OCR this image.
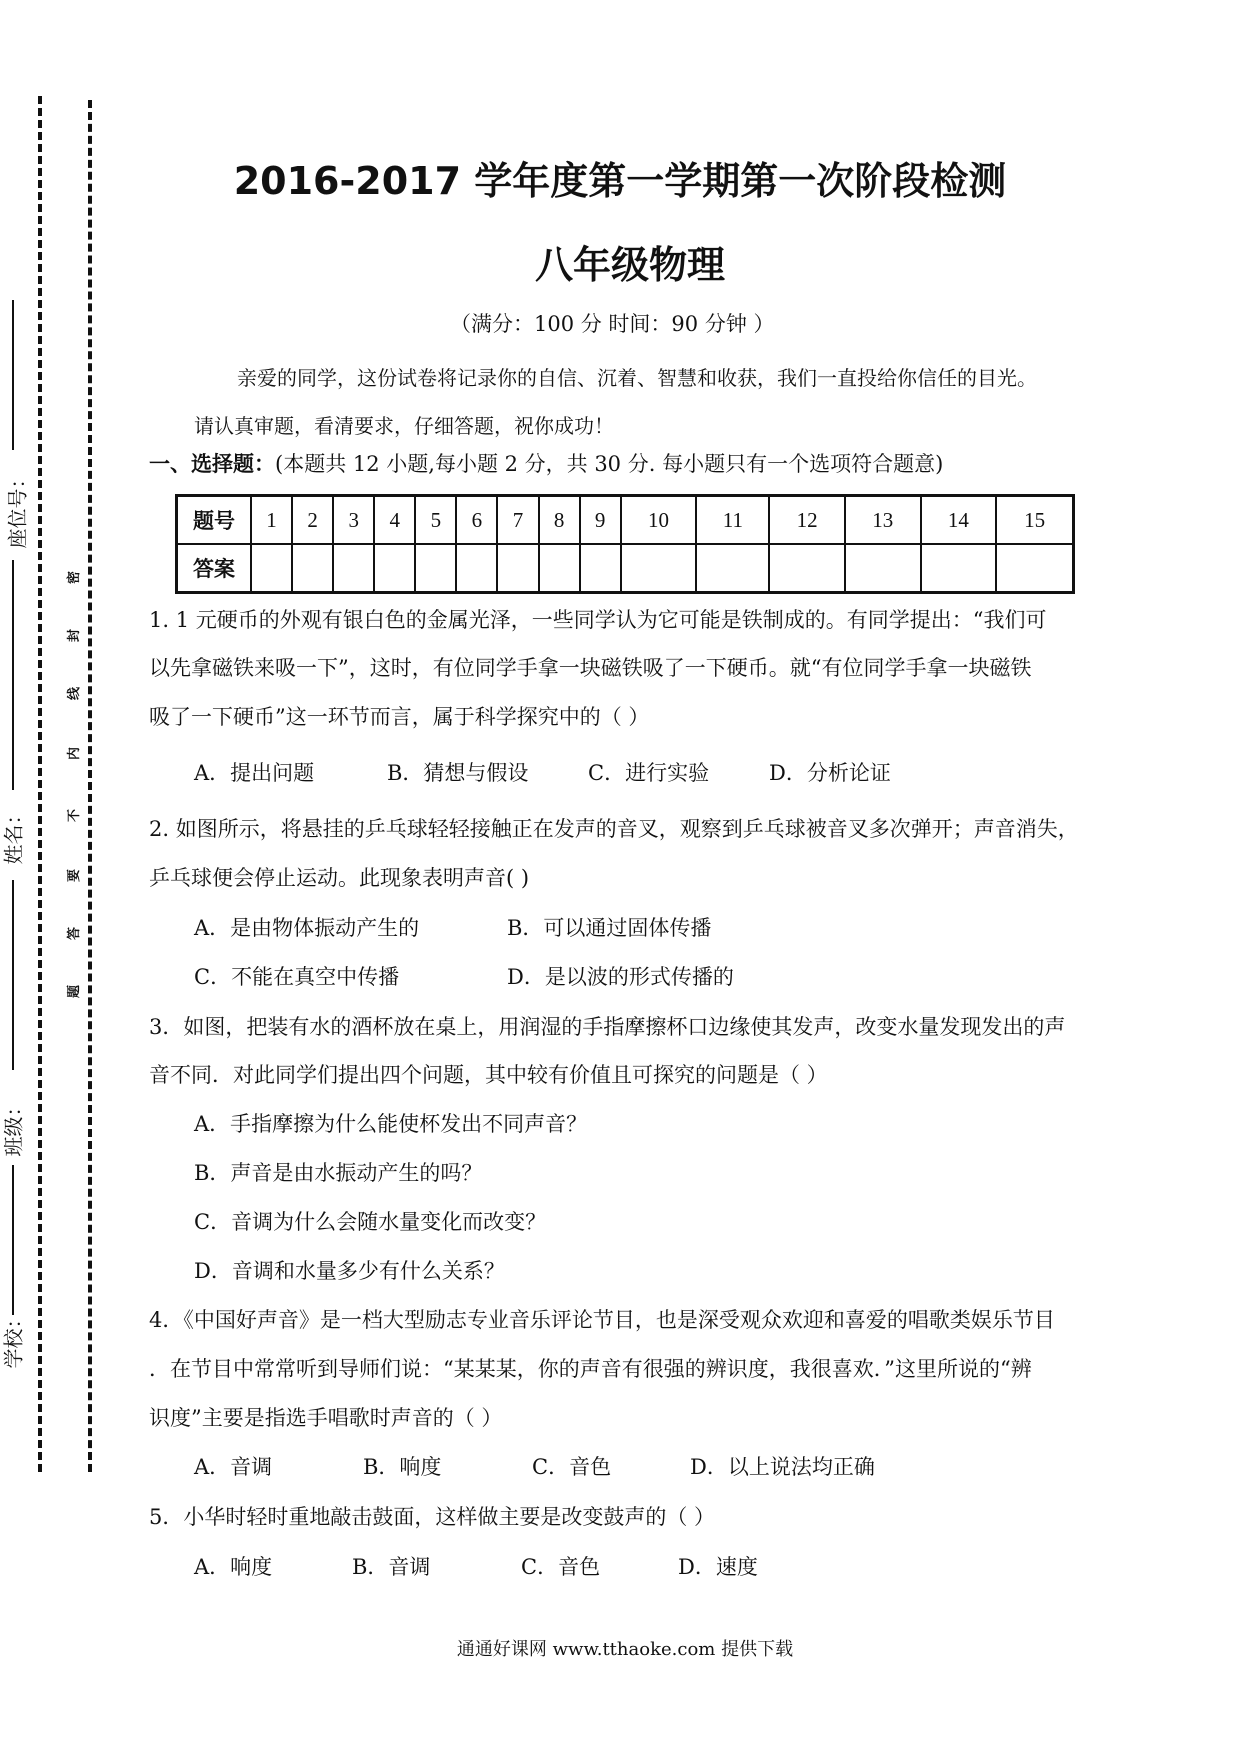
座位号：
姓名：
班级：
学校：
密
封
线
内
不
要
答
题
2016-2017 学年度第一学期第一次阶段检测
八年级物理
（满分：100 分 时间：90 分钟 ）
亲爱的同学，这份试卷将记录你的自信、沉着、智慧和收获，我们一直投给你信任的目光。
请认真审题，看清要求，仔细答题，祝你成功！
一、选择题：(本题共 12 小题,每小题 2 分，共 30 分. 每小题只有一个选项符合题意)
题号	1	2	3	4	5	6	7	8	9	10	11	12	13	14	15
答案															
1. 1 元硬币的外观有银白色的金属光泽，一些同学认为它可能是铁制成的。有同学提出：“我们可
以先拿磁铁来吸一下”，这时，有位同学手拿一块磁铁吸了一下硬币。就“有位同学手拿一块磁铁
吸了一下硬币”这一环节而言，属于科学探究中的（ ）
A．提出问题	B．猜想与假设	C．进行实验	D．分析论证
2. 如图所示，将悬挂的乒乓球轻轻接触正在发声的音叉，观察到乒乓球被音叉多次弹开；声音消失，
乒乓球便会停止运动。此现象表明声音( )
A．是由物体振动产生的	B．可以通过固体传播
C．不能在真空中传播	D．是以波的形式传播的
3．如图，把装有水的酒杯放在桌上，用润湿的手指摩擦杯口边缘使其发声，改变水量发现发出的声
音不同．对此同学们提出四个问题，其中较有价值且可探究的问题是（ ）
A．手指摩擦为什么能使杯发出不同声音？
B．声音是由水振动产生的吗？
C．音调为什么会随水量变化而改变？
D．音调和水量多少有什么关系？
4．《中国好声音》是一档大型励志专业音乐评论节目，也是深受观众欢迎和喜爱的唱歌类娱乐节目
．在节目中常常听到导师们说：“某某某，你的声音有很强的辨识度，我很喜欢．”这里所说的“辨
识度”主要是指选手唱歌时声音的（ ）
A．音调	B．响度	C．音色	D．以上说法均正确
5．小华时轻时重地敲击鼓面，这样做主要是改变鼓声的（ ）
A．响度	B．音调	C．音色	D．速度
通通好课网 www.tthaoke.com 提供下载
